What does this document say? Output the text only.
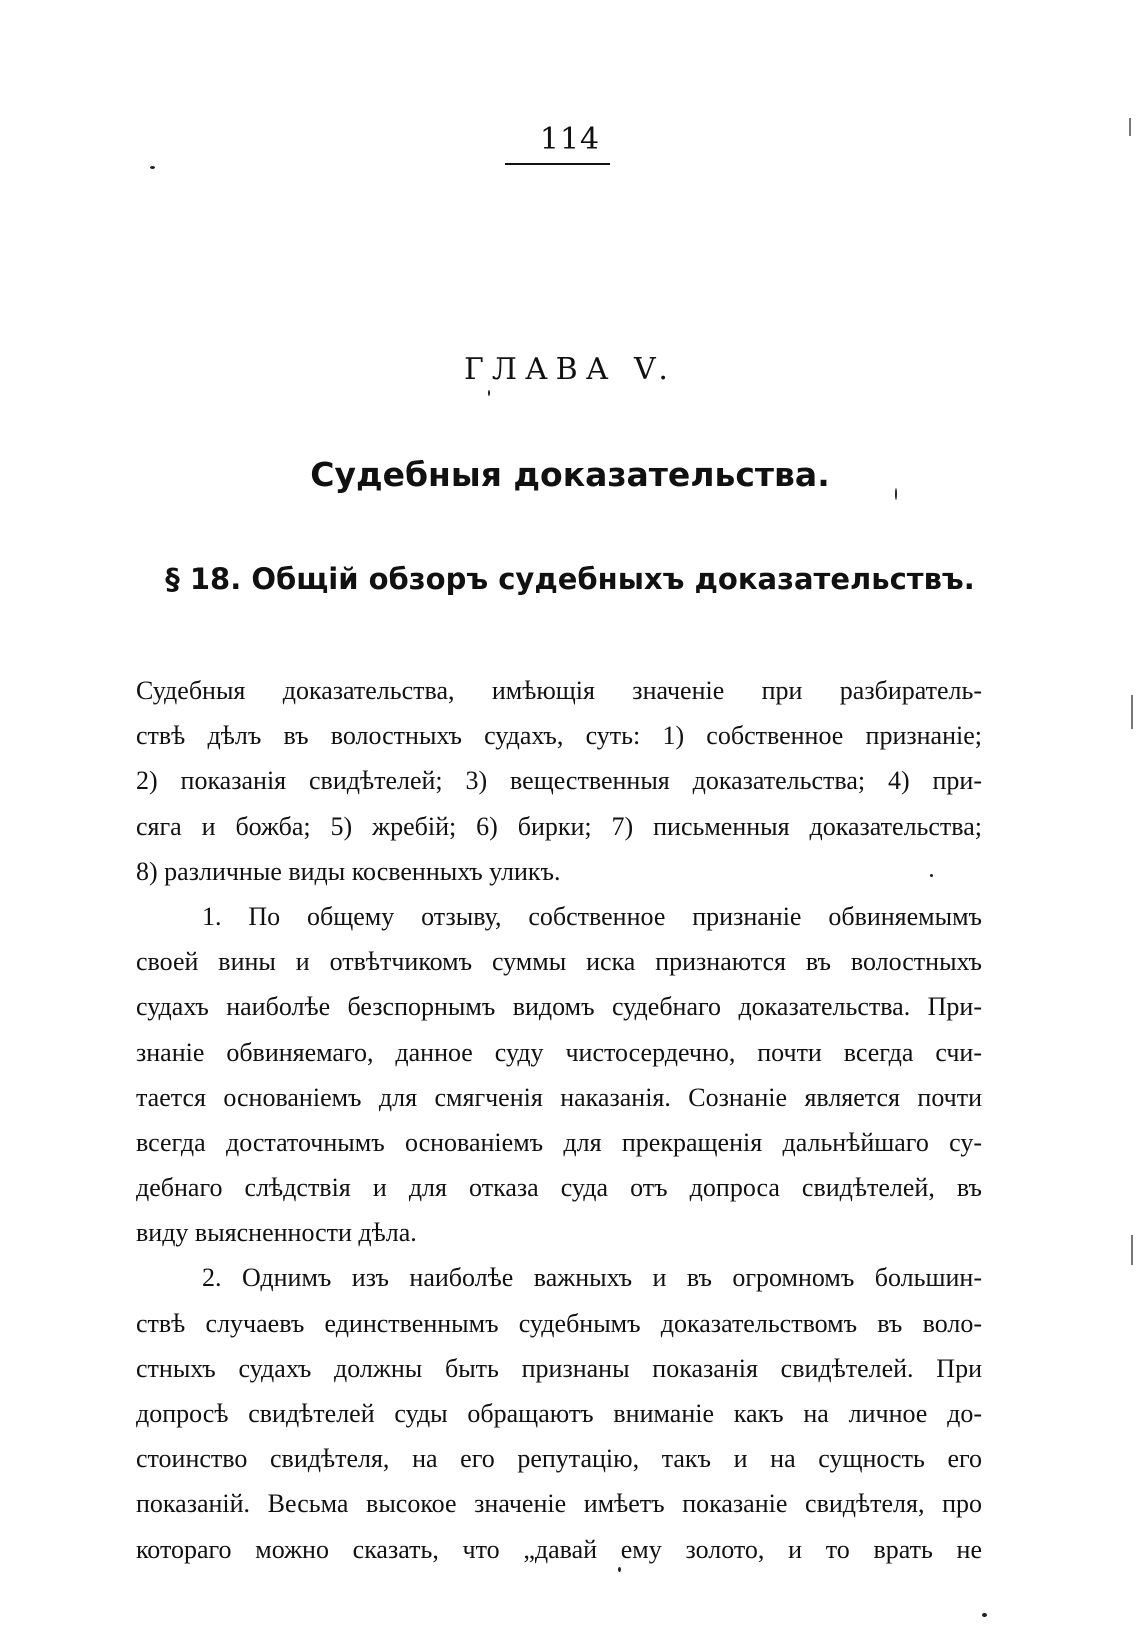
114
ГЛАВА V.
Судебныя доказательства.
§ 18. Общій обзоръ судебныхъ доказательствъ.
Судебныя доказательства, имѣющія значеніе при разбиратель-
ствѣ дѣлъ въ волостныхъ судахъ, суть: 1) собственное признаніе;
2) показанія свидѣтелей; 3) вещественныя доказательства; 4) при-
сяга и божба; 5) жребій; 6) бирки; 7) письменныя доказательства;
8) различные виды косвенныхъ уликъ.
1. По общему отзыву, собственное признаніе обвиняемымъ
своей вины и отвѣтчикомъ суммы иска признаются въ волостныхъ
судахъ наиболѣе безспорнымъ видомъ судебнаго доказательства. При-
знаніе обвиняемаго, данное суду чистосердечно, почти всегда счи-
тается основаніемъ для смягченія наказанія. Сознаніе является почти
всегда достаточнымъ основаніемъ для прекращенія дальнѣйшаго су-
дебнаго слѣдствія и для отказа суда отъ допроса свидѣтелей, въ
виду выясненности дѣла.
2. Однимъ изъ наиболѣе важныхъ и въ огромномъ большин-
ствѣ случаевъ единственнымъ судебнымъ доказательствомъ въ воло-
стныхъ судахъ должны быть признаны показанія свидѣтелей. При
допросѣ свидѣтелей суды обращаютъ вниманіе какъ на личное до-
стоинство свидѣтеля, на его репутацію, такъ и на сущность его
показаній. Весьма высокое значеніе имѣетъ показаніе свидѣтеля, про
котораго можно сказать, что „давай ему золото, и то врать не
